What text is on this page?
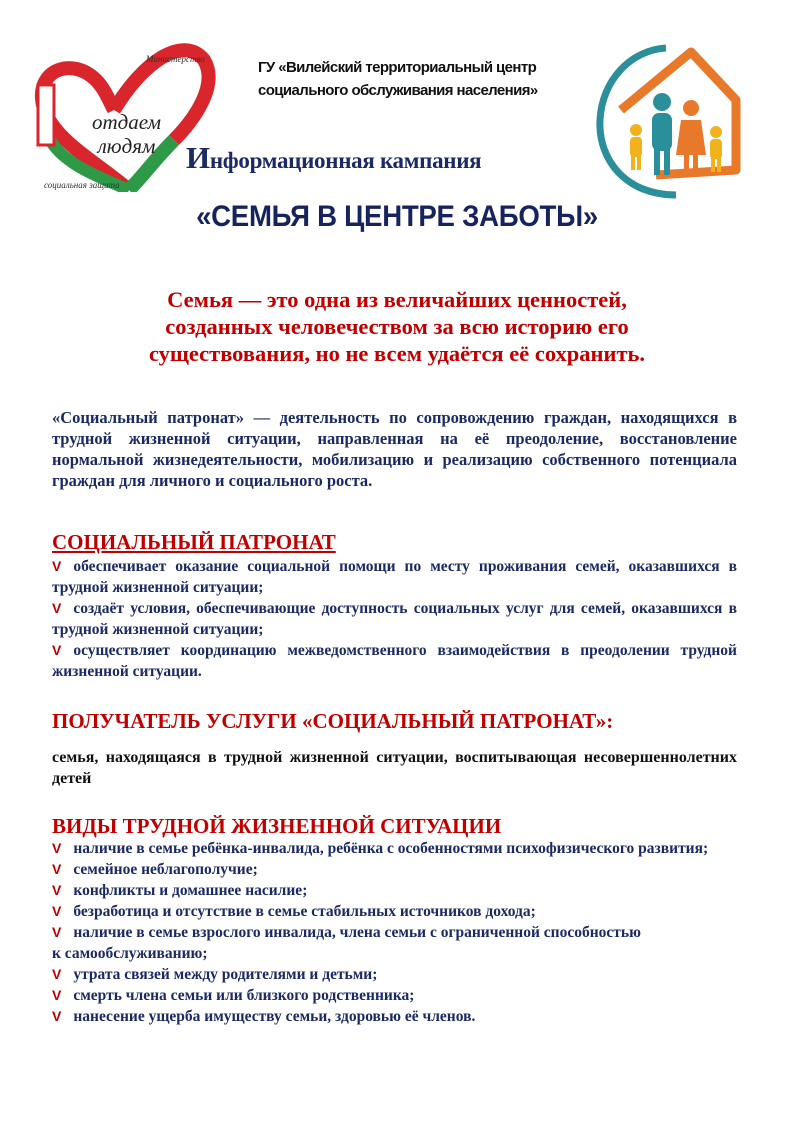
Министерство
социальная защита
отдаем
людям
ГУ «Вилейский территориальный центр
социального обслуживания населения»
Информационная кампания
«СЕМЬЯ В ЦЕНТРЕ ЗАБОТЫ»
Семья — это одна из величайших ценностей,
созданных человечеством за всю историю его
существования, но не всем удаётся её сохранить.
«Социальный патронат» — деятельность по сопровождению граждан, находящихся в трудной жизненной ситуации, направленная на её преодоление, восстановление нормальной жизнедеятельности, мобилизацию и реализацию собственного потенциала граждан для личного и социального роста.
СОЦИАЛЬНЫЙ ПАТРОНАТ
V обеспечивает оказание социальной помощи по месту проживания семей, оказавшихся в трудной жизненной ситуации;
V создаёт условия, обеспечивающие доступность социальных услуг для семей, оказавшихся в трудной жизненной ситуации;
V осуществляет координацию межведомственного взаимодействия в преодолении трудной жизненной ситуации.
ПОЛУЧАТЕЛЬ УСЛУГИ «СОЦИАЛЬНЫЙ ПАТРОНАТ»:
семья, находящаяся в трудной жизненной ситуации, воспитывающая несовершеннолетних детей
ВИДЫ ТРУДНОЙ ЖИЗНЕННОЙ СИТУАЦИИ
V наличие в семье ребёнка-инвалида, ребёнка с особенностями психофизического развития;
V семейное неблагополучие;
V конфликты и домашнее насилие;
V безработица и отсутствие в семье стабильных источников дохода;
V наличие в семье взрослого инвалида, члена семьи с ограниченной способностью к самообслуживанию;
V утрата связей между родителями и детьми;
V смерть члена семьи или близкого родственника;
V нанесение ущерба имуществу семьи, здоровью её членов.
